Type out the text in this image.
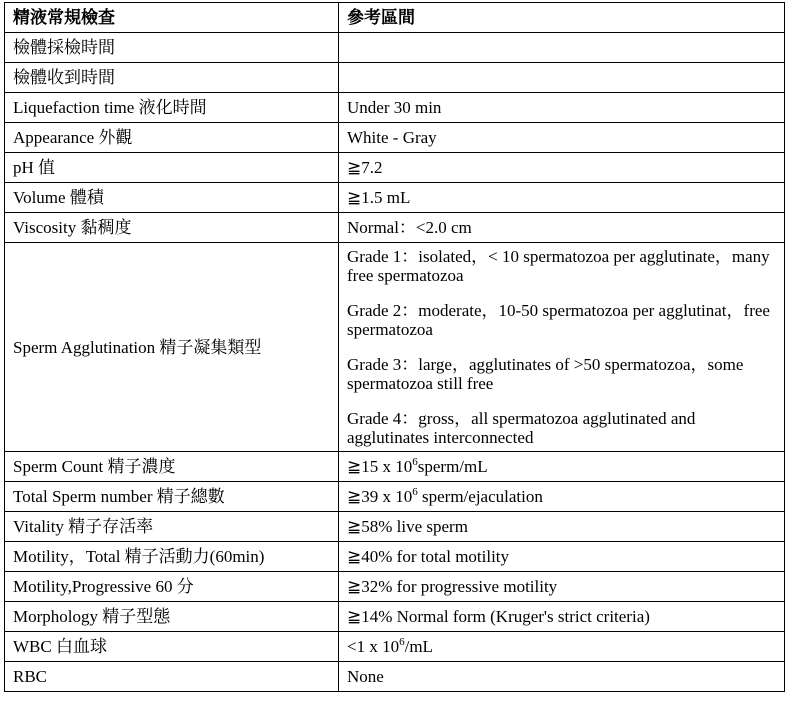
精液常規檢查	參考區間
檢體採檢時間	
檢體收到時間	
Liquefaction time 液化時間	Under 30 min
Appearance 外觀	White - Gray
pH 值	≧7.2
Volume 體積	≧1.5 mL
Viscosity 黏稠度	Normal：<2.0 cm
Sperm Agglutination 精子凝集類型	Grade 1：isolated，< 10 spermatozoa per agglutinate，many free spermatozoa
Grade 2：moderate，10-50 spermatozoa per agglutinat，free spermatozoa
Grade 3：large，agglutinates of >50 spermatozoa，some spermatozoa still free
Grade 4：gross，all spermatozoa agglutinated and agglutinates interconnected

Sperm Count 精子濃度	≧15 x $10^6sperm/mL$
Total Sperm number 精子總數	≧39 x $10^6$ sperm/ejaculation
Vitality 精子存活率	≧58% live sperm
Motility，Total 精子活動力(60min)	≧40% for total motility
Motility,Progressive 60 分	≧32% for progressive motility
Morphology 精子型態	≧14% Normal form (Kruger's strict criteria)
WBC 白血球	<1 x $10^6/mL$
RBC	None
